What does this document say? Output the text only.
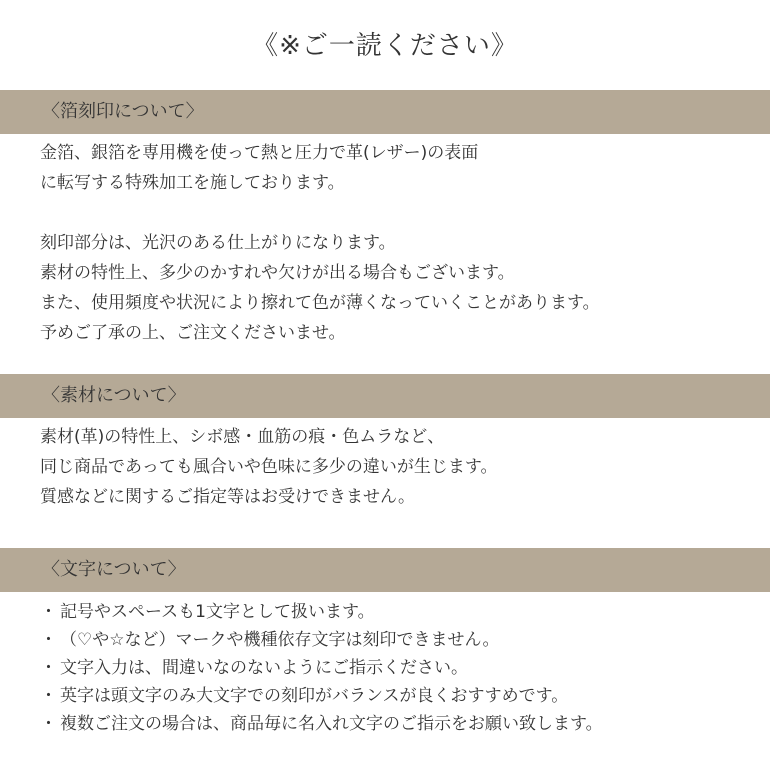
《※ご一読ください》
〈箔刻印について〉

金箔、銀箔を専用機を使って熱と圧力で革(レザー)の表面

に転写する特殊加工を施しております。

刻印部分は、光沢のある仕上がりになります。

素材の特性上、多少のかすれや欠けが出る場合もございます。

また、使用頻度や状況により擦れて色が薄くなっていくことがあります。

予めご了承の上、ご注文くださいませ。

〈素材について〉

素材(革)の特性上、シボ感・血筋の痕・色ムラなど、

同じ商品であっても風合いや色味に多少の違いが生じます。

質感などに関するご指定等はお受けできません。

〈文字について〉
・ 記号やスペースも1文字として扱います。
・ （♡や☆など）マークや機種依存文字は刻印できません。
・ 文字入力は、間違いなのないようにご指示ください。
・ 英字は頭文字のみ大文字での刻印がバランスが良くおすすめです。
・ 複数ご注文の場合は、商品毎に名入れ文字のご指示をお願い致します。
